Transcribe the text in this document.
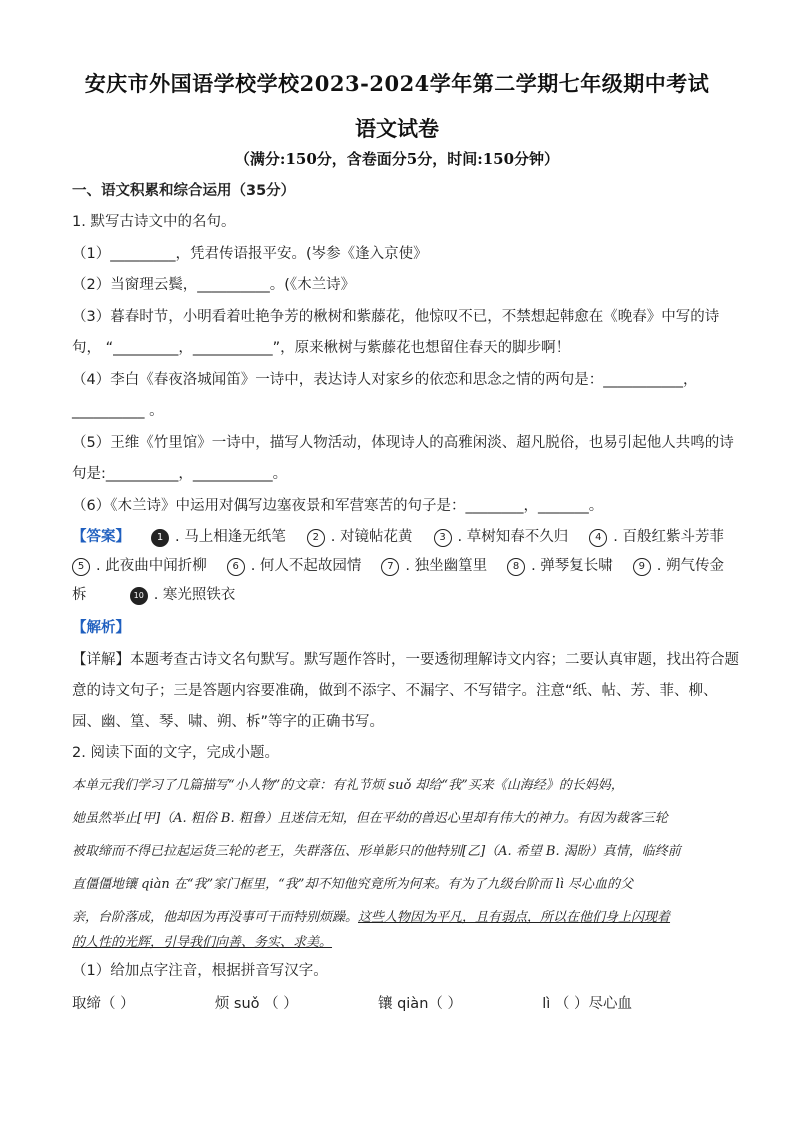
安庆市外国语学校学校2023-2024学年第二学期七年级期中考试
语文试卷
（满分:150分，含卷面分5分，时间:150分钟）
一、语文积累和综合运用（35分）
1. 默写古诗文中的名句。
（1）_________，凭君传语报平安。(岑参《逢入京使》
（2）当窗理云鬓，__________。(《木兰诗》
（3）暮春时节，小明看着吐艳争芳的楸树和紫藤花，他惊叹不已，不禁想起韩愈在《晚春》中写的诗
句， “_________，___________”，原来楸树与紫藤花也想留住春天的脚步啊！
（4）李白《春夜洛城闻笛》一诗中，表达诗人对家乡的依恋和思念之情的两句是：___________，
__________ 。
（5）王维《竹里馆》一诗中，描写人物活动，体现诗人的高雅闲淡、超凡脱俗，也易引起他人共鸣的诗
句是:__________，___________。
（6）《木兰诗》中运用对偶写边塞夜景和军营寒苦的句子是：________，_______。
【答案】	1 . 马上相逢无纸笔	2 . 对镜帖花黄	3 . 草树知春不久归	4 . 百般红紫斗芳菲
5 . 此夜曲中闻折柳	6 . 何人不起故园情	7 . 独坐幽篁里	8 . 弹琴复长啸	9 . 朔气传金
柝	10 . 寒光照铁衣
【解析】
【详解】本题考查古诗文名句默写。默写题作答时，一要透彻理解诗文内容；二要认真审题，找出符合题
意的诗文句子；三是答题内容要准确，做到不添字、不漏字、不写错字。注意“纸、帖、芳、菲、柳、
园、幽、篁、琴、啸、朔、柝”等字的正确书写。
2. 阅读下面的文字，完成小题。
本单元我们学习了几篇描写“小人物”的文章：有礼节烦 suǒ 却给“我”买来《山海经》的长妈妈，
她虽然举止[甲]（A. 粗俗 B. 粗鲁）且迷信无知，但在平幼的兽迟心里却有伟大的神力。有因为裁客三轮
被取缔而不得已拉起运货三轮的老王，失群落伍、形单影只的他特别[乙]（A. 希望 B. 渴盼）真情，临终前
直僵僵地镶 qiàn 在“我”家门框里，“我”却不知他究竟所为何来。有为了九级台阶而 lì 尽心血的父
亲，台阶落成，他却因为再没事可干而特别烦躁。这些人物因为平凡，且有弱点，所以在他们身上闪现着
的人性的光辉，引导我们向善、务实、求美。
（1）给加点字注音，根据拼音写汉字。
取缔（ ）	烦 suǒ （ ）	镶 qiàn（ ）	lì （ ）尽心血
